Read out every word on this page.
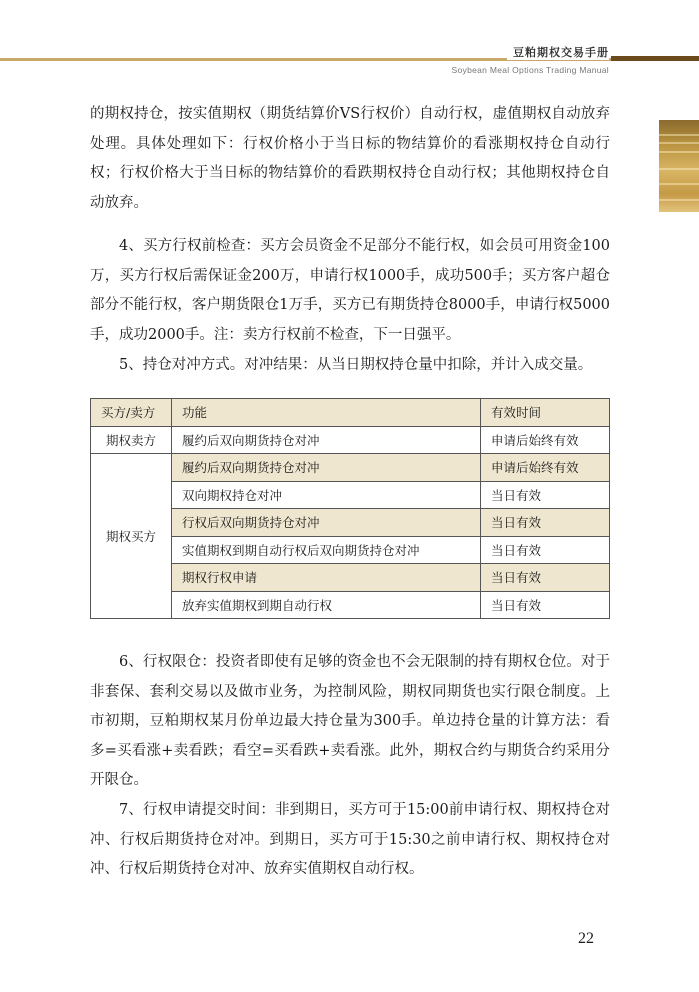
豆粕期权交易手册
Soybean Meal Options Trading Manual

的期权持仓，按实值期权（期货结算价VS行权价）自动行权，虚值期权自动放弃处理。具体处理如下：行权价格小于当日标的物结算价的看涨期权持仓自动行权；行权价格大于当日标的物结算价的看跌期权持仓自动行权；其他期权持仓自动放弃。

4、买方行权前检查：买方会员资金不足部分不能行权，如会员可用资金100万，买方行权后需保证金200万，申请行权1000手，成功500手；买方客户超仓部分不能行权，客户期货限仓1万手，买方已有期货持仓8000手，申请行权5000手，成功2000手。注：卖方行权前不检查，下一日强平。

5、持仓对冲方式。对冲结果：从当日期权持仓量中扣除，并计入成交量。

买方/卖方	功能	有效时间
期权卖方	履约后双向期货持仓对冲	申请后始终有效
期权买方	履约后双向期货持仓对冲	申请后始终有效
	双向期权持仓对冲	当日有效
	行权后双向期货持仓对冲	当日有效
	实值期权到期自动行权后双向期货持仓对冲	当日有效
	期权行权申请	当日有效
	放弃实值期权到期自动行权	当日有效

6、行权限仓：投资者即使有足够的资金也不会无限制的持有期权仓位。对于非套保、套利交易以及做市业务，为控制风险，期权同期货也实行限仓制度。上市初期，豆粕期权某月份单边最大持仓量为300手。单边持仓量的计算方法：看多=买看涨+卖看跌；看空=买看跌+卖看涨。此外，期权合约与期货合约采用分开限仓。

7、行权申请提交时间：非到期日，买方可于15:00前申请行权、期权持仓对冲、行权后期货持仓对冲。到期日，买方可于15:30之前申请行权、期权持仓对冲、行权后期货持仓对冲、放弃实值期权自动行权。

22
